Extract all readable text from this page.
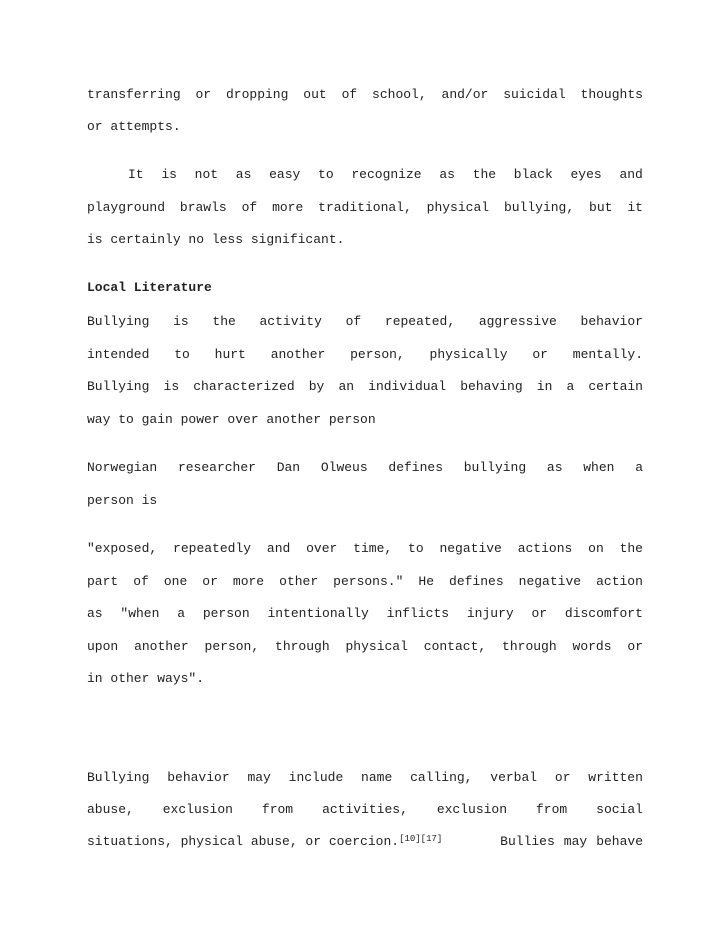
transferring or dropping out of school, and/or suicidal thoughts
or attempts.
It is not as easy to recognize as the black eyes and
playground brawls of more traditional, physical bullying, but it
is certainly no less significant.
Local Literature
Bullying is the activity of repeated, aggressive behavior
intended to hurt another person, physically or mentally.
Bullying is characterized by an individual behaving in a certain
way to gain power over another person
Norwegian researcher Dan Olweus defines bullying as when a
person is
"exposed, repeatedly and over time, to negative actions on the
part of one or more other persons." He defines negative action
as "when a person intentionally inflicts injury or discomfort
upon another person, through physical contact, through words or
in other ways".
Bullying behavior may include name calling, verbal or written
abuse, exclusion from activities, exclusion from social
situations, physical abuse, or coercion.[10][17]	Bullies may behave
